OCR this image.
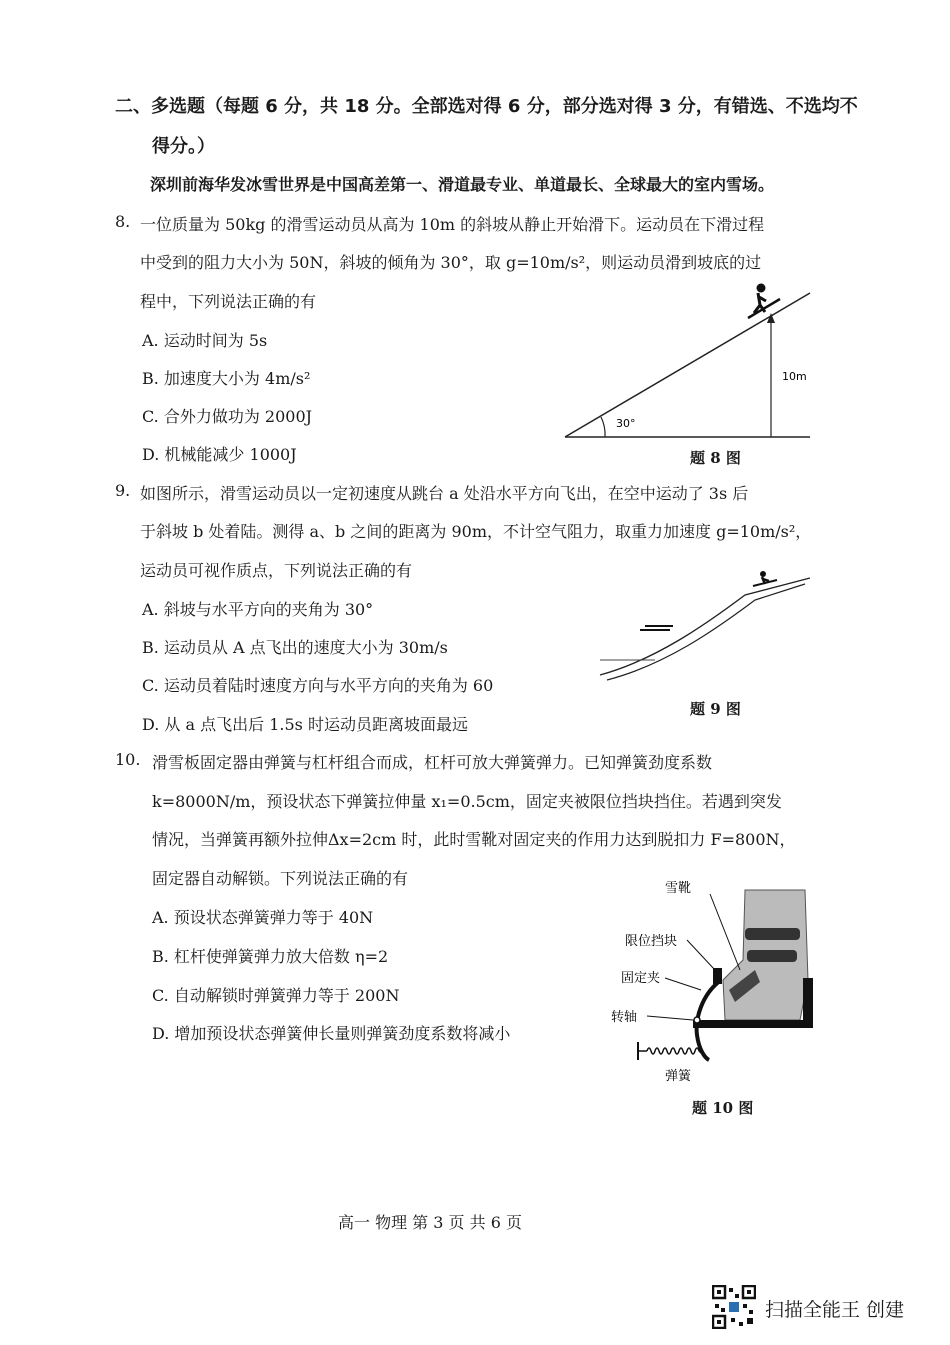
二、多选题（每题 6 分，共 18 分。全部选对得 6 分，部分选对得 3 分，有错选、不选均不
得分。）
深圳前海华发冰雪世界是中国高差第一、滑道最专业、单道最长、全球最大的室内雪场。
8. 一位质量为 50kg 的滑雪运动员从高为 10m 的斜坡从静止开始滑下。运动员在下滑过程
中受到的阻力大小为 50N，斜坡的倾角为 30°，取 g=10m/s²，则运动员滑到坡底的过
程中，下列说法正确的有
A. 运动时间为 5s
B. 加速度大小为 4m/s²
C. 合外力做功为 2000J
D. 机械能减少 1000J
30°
10m
题 8 图
9. 如图所示，滑雪运动员以一定初速度从跳台 a 处沿水平方向飞出，在空中运动了 3s 后
于斜坡 b 处着陆。测得 a、b 之间的距离为 90m，不计空气阻力，取重力加速度 g=10m/s²，
运动员可视作质点，下列说法正确的有
A. 斜坡与水平方向的夹角为 30°
B. 运动员从 A 点飞出的速度大小为 30m/s
C. 运动员着陆时速度方向与水平方向的夹角为 60
D. 从 a 点飞出后 1.5s 时运动员距离坡面最远
题 9 图
10. 滑雪板固定器由弹簧与杠杆组合而成，杠杆可放大弹簧弹力。已知弹簧劲度系数
k=8000N/m，预设状态下弹簧拉伸量 x₁=0.5cm，固定夹被限位挡块挡住。若遇到突发
情况，当弹簧再额外拉伸Δx=2cm 时，此时雪靴对固定夹的作用力达到脱扣力 F=800N，
固定器自动解锁。下列说法正确的有
A. 预设状态弹簧弹力等于 40N
B. 杠杆使弹簧弹力放大倍数 η=2
C. 自动解锁时弹簧弹力等于 200N
D. 增加预设状态弹簧伸长量则弹簧劲度系数将减小
雪靴
限位挡块
固定夹
转轴
弹簧
题 10 图
高一 物理 第 3 页 共 6 页
扫描全能王 创建
